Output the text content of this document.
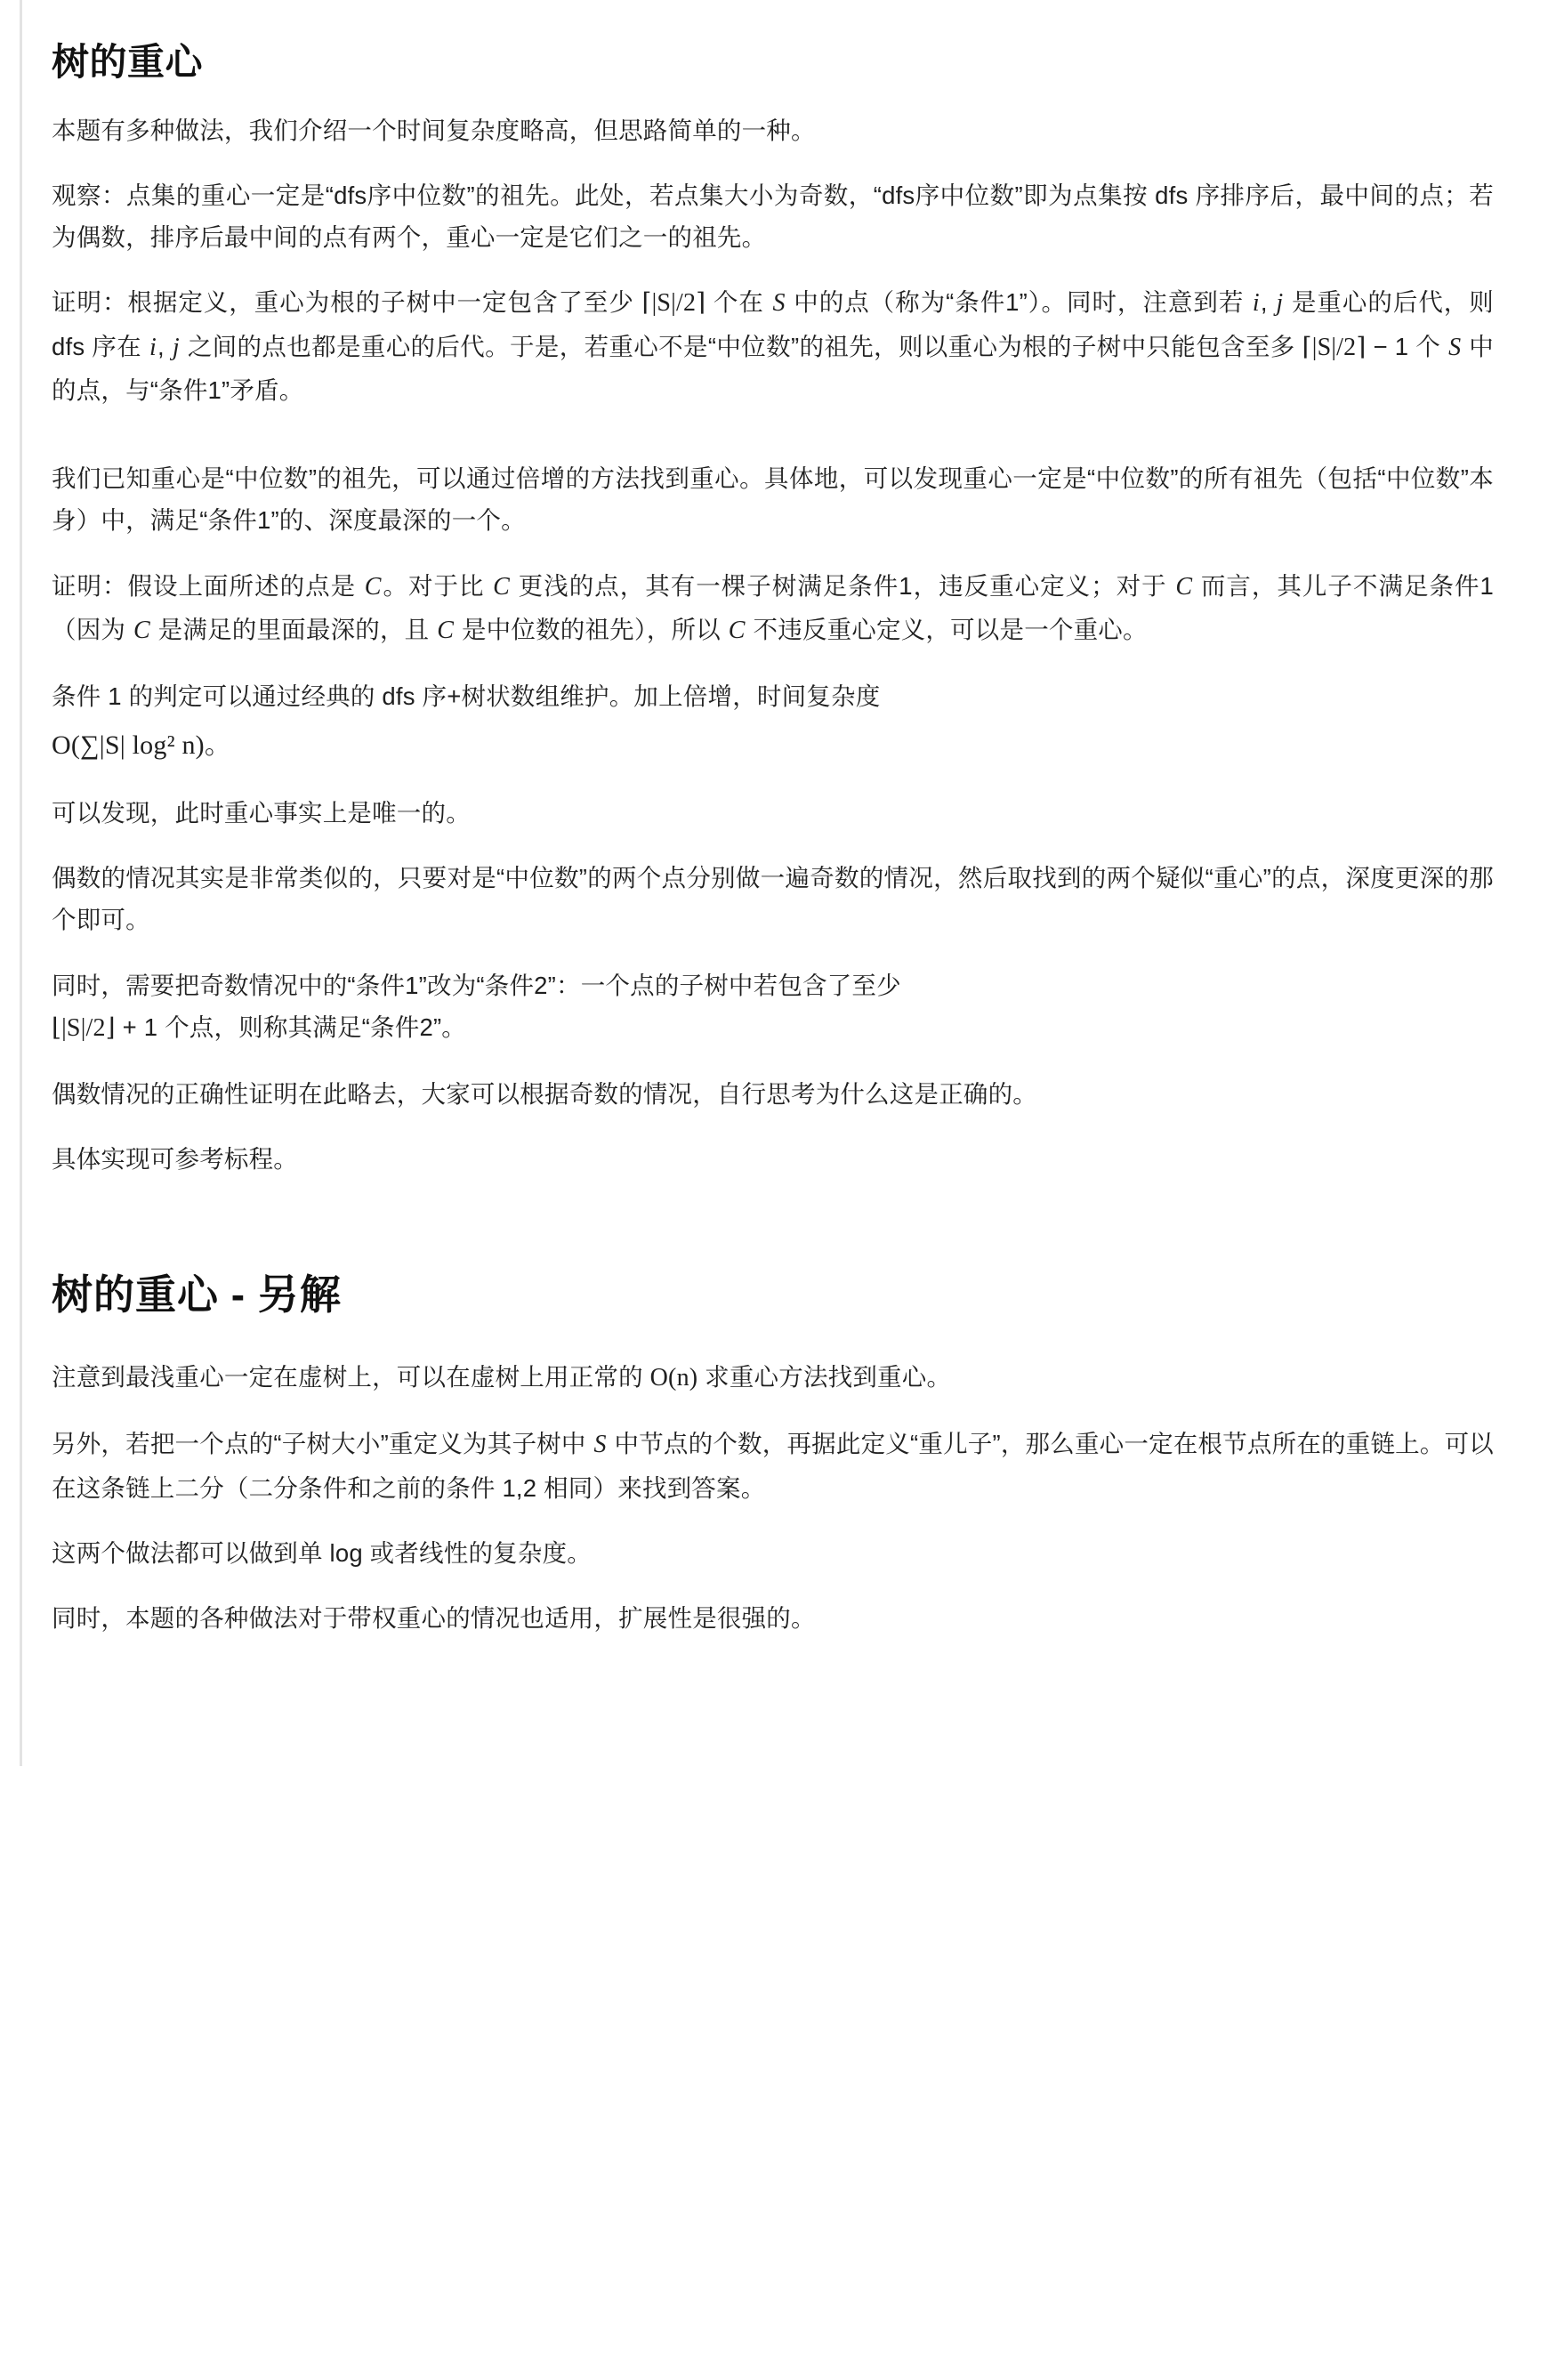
树的重心

本题有多种做法，我们介绍一个时间复杂度略高，但思路简单的一种。

观察：点集的重心一定是“dfs序中位数”的祖先。此处，若点集大小为奇数，“dfs序中位数”即为点集按 dfs 序排序后，最中间的点；若为偶数，排序后最中间的点有两个，重心一定是它们之一的祖先。

证明：根据定义，重心为根的子树中一定包含了至少 ⌈|S|/2⌉ 个在 S 中的点（称为“条件1”）。同时，注意到若 i, j 是重心的后代，则 dfs 序在 i, j 之间的点也都是重心的后代。于是，若重心不是“中位数”的祖先，则以重心为根的子树中只能包含至多 ⌈|S|/2⌉ − 1 个 S 中的点，与“条件1”矛盾。

我们已知重心是“中位数”的祖先，可以通过倍增的方法找到重心。具体地，可以发现重心一定是“中位数”的所有祖先（包括“中位数”本身）中，满足“条件1”的、深度最深的一个。

证明：假设上面所述的点是 C。对于比 C 更浅的点，其有一棵子树满足条件1，违反重心定义；对于 C 而言，其儿子不满足条件1（因为 C 是满足的里面最深的，且 C 是中位数的祖先），所以 C 不违反重心定义，可以是一个重心。

条件 1 的判定可以通过经典的 dfs 序+树状数组维护。加上倍增，时间复杂度

O(∑|S| log² n)。

可以发现，此时重心事实上是唯一的。

偶数的情况其实是非常类似的，只要对是“中位数”的两个点分别做一遍奇数的情况，然后取找到的两个疑似“重心”的点，深度更深的那个即可。

同时，需要把奇数情况中的“条件1”改为“条件2”：一个点的子树中若包含了至少
⌊|S|/2⌋ + 1 个点，则称其满足“条件2”。

偶数情况的正确性证明在此略去，大家可以根据奇数的情况，自行思考为什么这是正确的。

具体实现可参考标程。

树的重心 - 另解

注意到最浅重心一定在虚树上，可以在虚树上用正常的 O(n) 求重心方法找到重心。

另外，若把一个点的“子树大小”重定义为其子树中 S 中节点的个数，再据此定义“重儿子”，那么重心一定在根节点所在的重链上。可以在这条链上二分（二分条件和之前的条件 1,2 相同）来找到答案。

这两个做法都可以做到单 log 或者线性的复杂度。

同时，本题的各种做法对于带权重心的情况也适用，扩展性是很强的。
